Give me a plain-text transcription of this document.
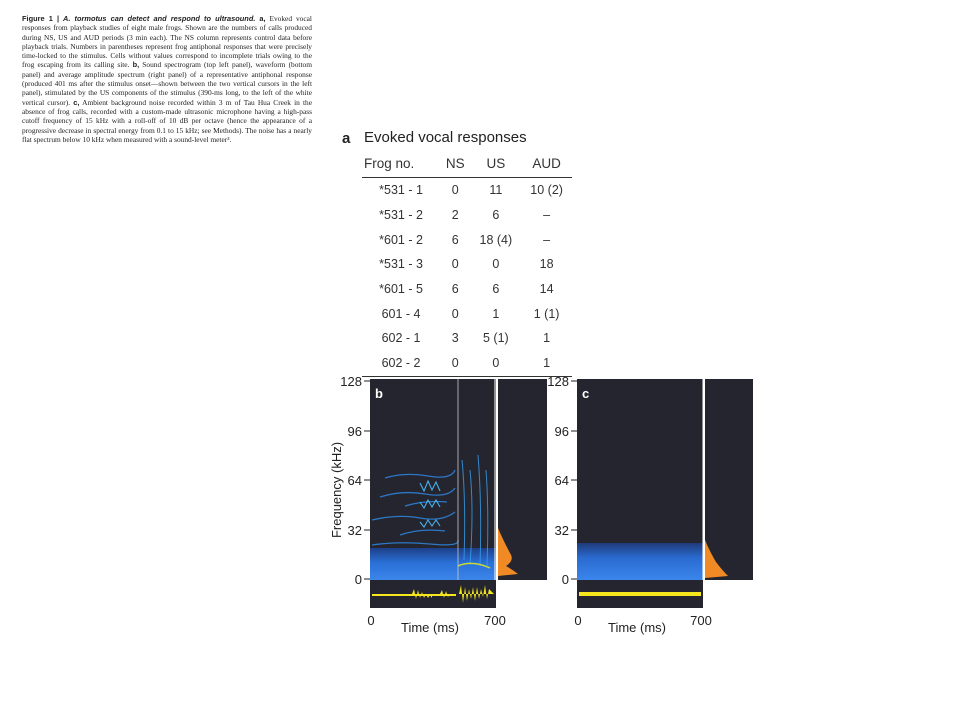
Figure 1 | A. tormotus can detect and respond to ultrasound. a, Evoked vocal responses from playback studies of eight male frogs. Shown are the numbers of calls produced during NS, US and AUD periods (3 min each). The NS column represents control data before playback trials. Numbers in parentheses represent frog antiphonal responses that were precisely time-locked to the stimulus. Cells without values correspond to incomplete trials owing to the frog escaping from its calling site. b, Sound spectrogram (top left panel), waveform (bottom panel) and average amplitude spectrum (right panel) of a representative antiphonal response (produced 401 ms after the stimulus onset—shown between the two vertical cursors in the left panel), stimulated by the US components of the stimulus (390-ms long, to the left of the white vertical cursor). c, Ambient background noise recorded within 3 m of Tau Hua Creek in the absence of frog calls, recorded with a custom-made ultrasonic microphone having a high-pass cutoff frequency of 15 kHz with a roll-off of 10 dB per octave (hence the appearance of a progressive decrease in spectral energy from 0.1 to 15 kHz; see Methods). The noise has a nearly flat spectrum below 10 kHz when measured with a sound-level meter³.	a Evoked vocal responses
Frog no.	NS	US	AUD
*531 - 1	0	11	10 (2)
*531 - 2	2	6	–
*601 - 2	6	18 (4)	–
*531 - 3	0	0	18
*601 - 5	6	6	14
601 - 4	0	1	1 (1)
602 - 1	3	5 (1)	1
602 - 2	0	0	1
b
128
96
64
32
0
Frequency (kHz)
0	700
Time (ms)
c
128
96
64
32
0
0	700
Time (ms)
